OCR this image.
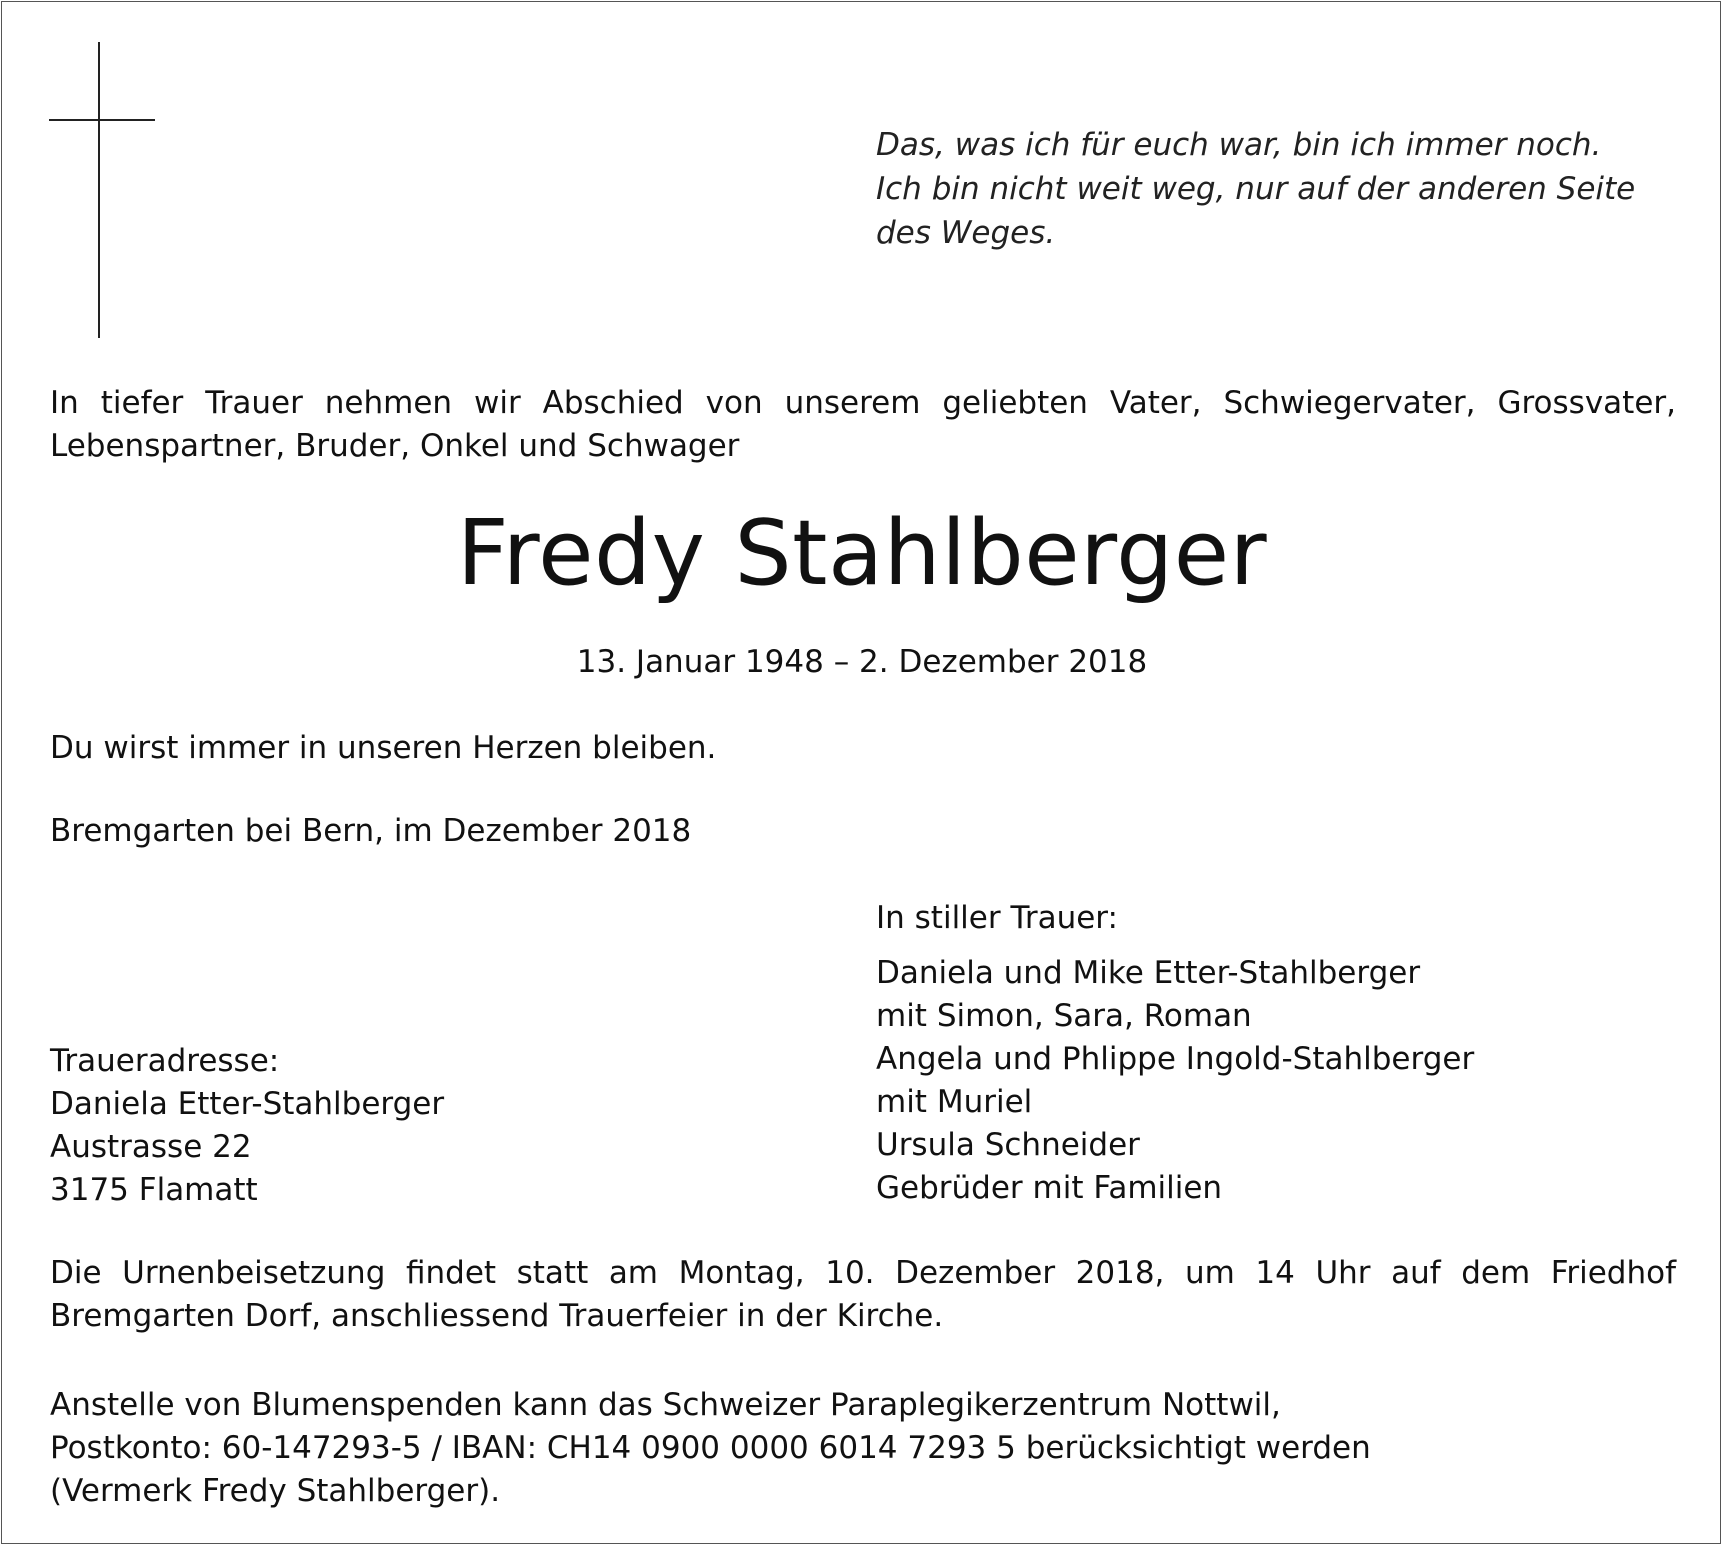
Das, was ich für euch war, bin ich immer noch.
Ich bin nicht weit weg, nur auf der anderen Seite
des Weges.
In tiefer Trauer nehmen wir Abschied von unserem geliebten Vater, Schwiegervater, Grossvater,
Lebenspartner, Bruder, Onkel und Schwager
Fredy Stahlberger
13. Januar 1948 – 2. Dezember 2018
Du wirst immer in unseren Herzen bleiben.
Bremgarten bei Bern, im Dezember 2018
In stiller Trauer:
Daniela und Mike Etter-Stahlberger
mit Simon, Sara, Roman
Angela und Phlippe Ingold-Stahlberger
mit Muriel
Ursula Schneider
Gebrüder mit Familien
Traueradresse:
Daniela Etter-Stahlberger
Austrasse 22
3175 Flamatt
Die Urnenbeisetzung findet statt am Montag, 10. Dezember 2018, um 14 Uhr auf dem Friedhof
Bremgarten Dorf, anschliessend Trauerfeier in der Kirche.
Anstelle von Blumenspenden kann das Schweizer Paraplegikerzentrum Nottwil,
Postkonto: 60-147293-5 / IBAN: CH14 0900 0000 6014 7293 5 berücksichtigt werden
(Vermerk Fredy Stahlberger).
